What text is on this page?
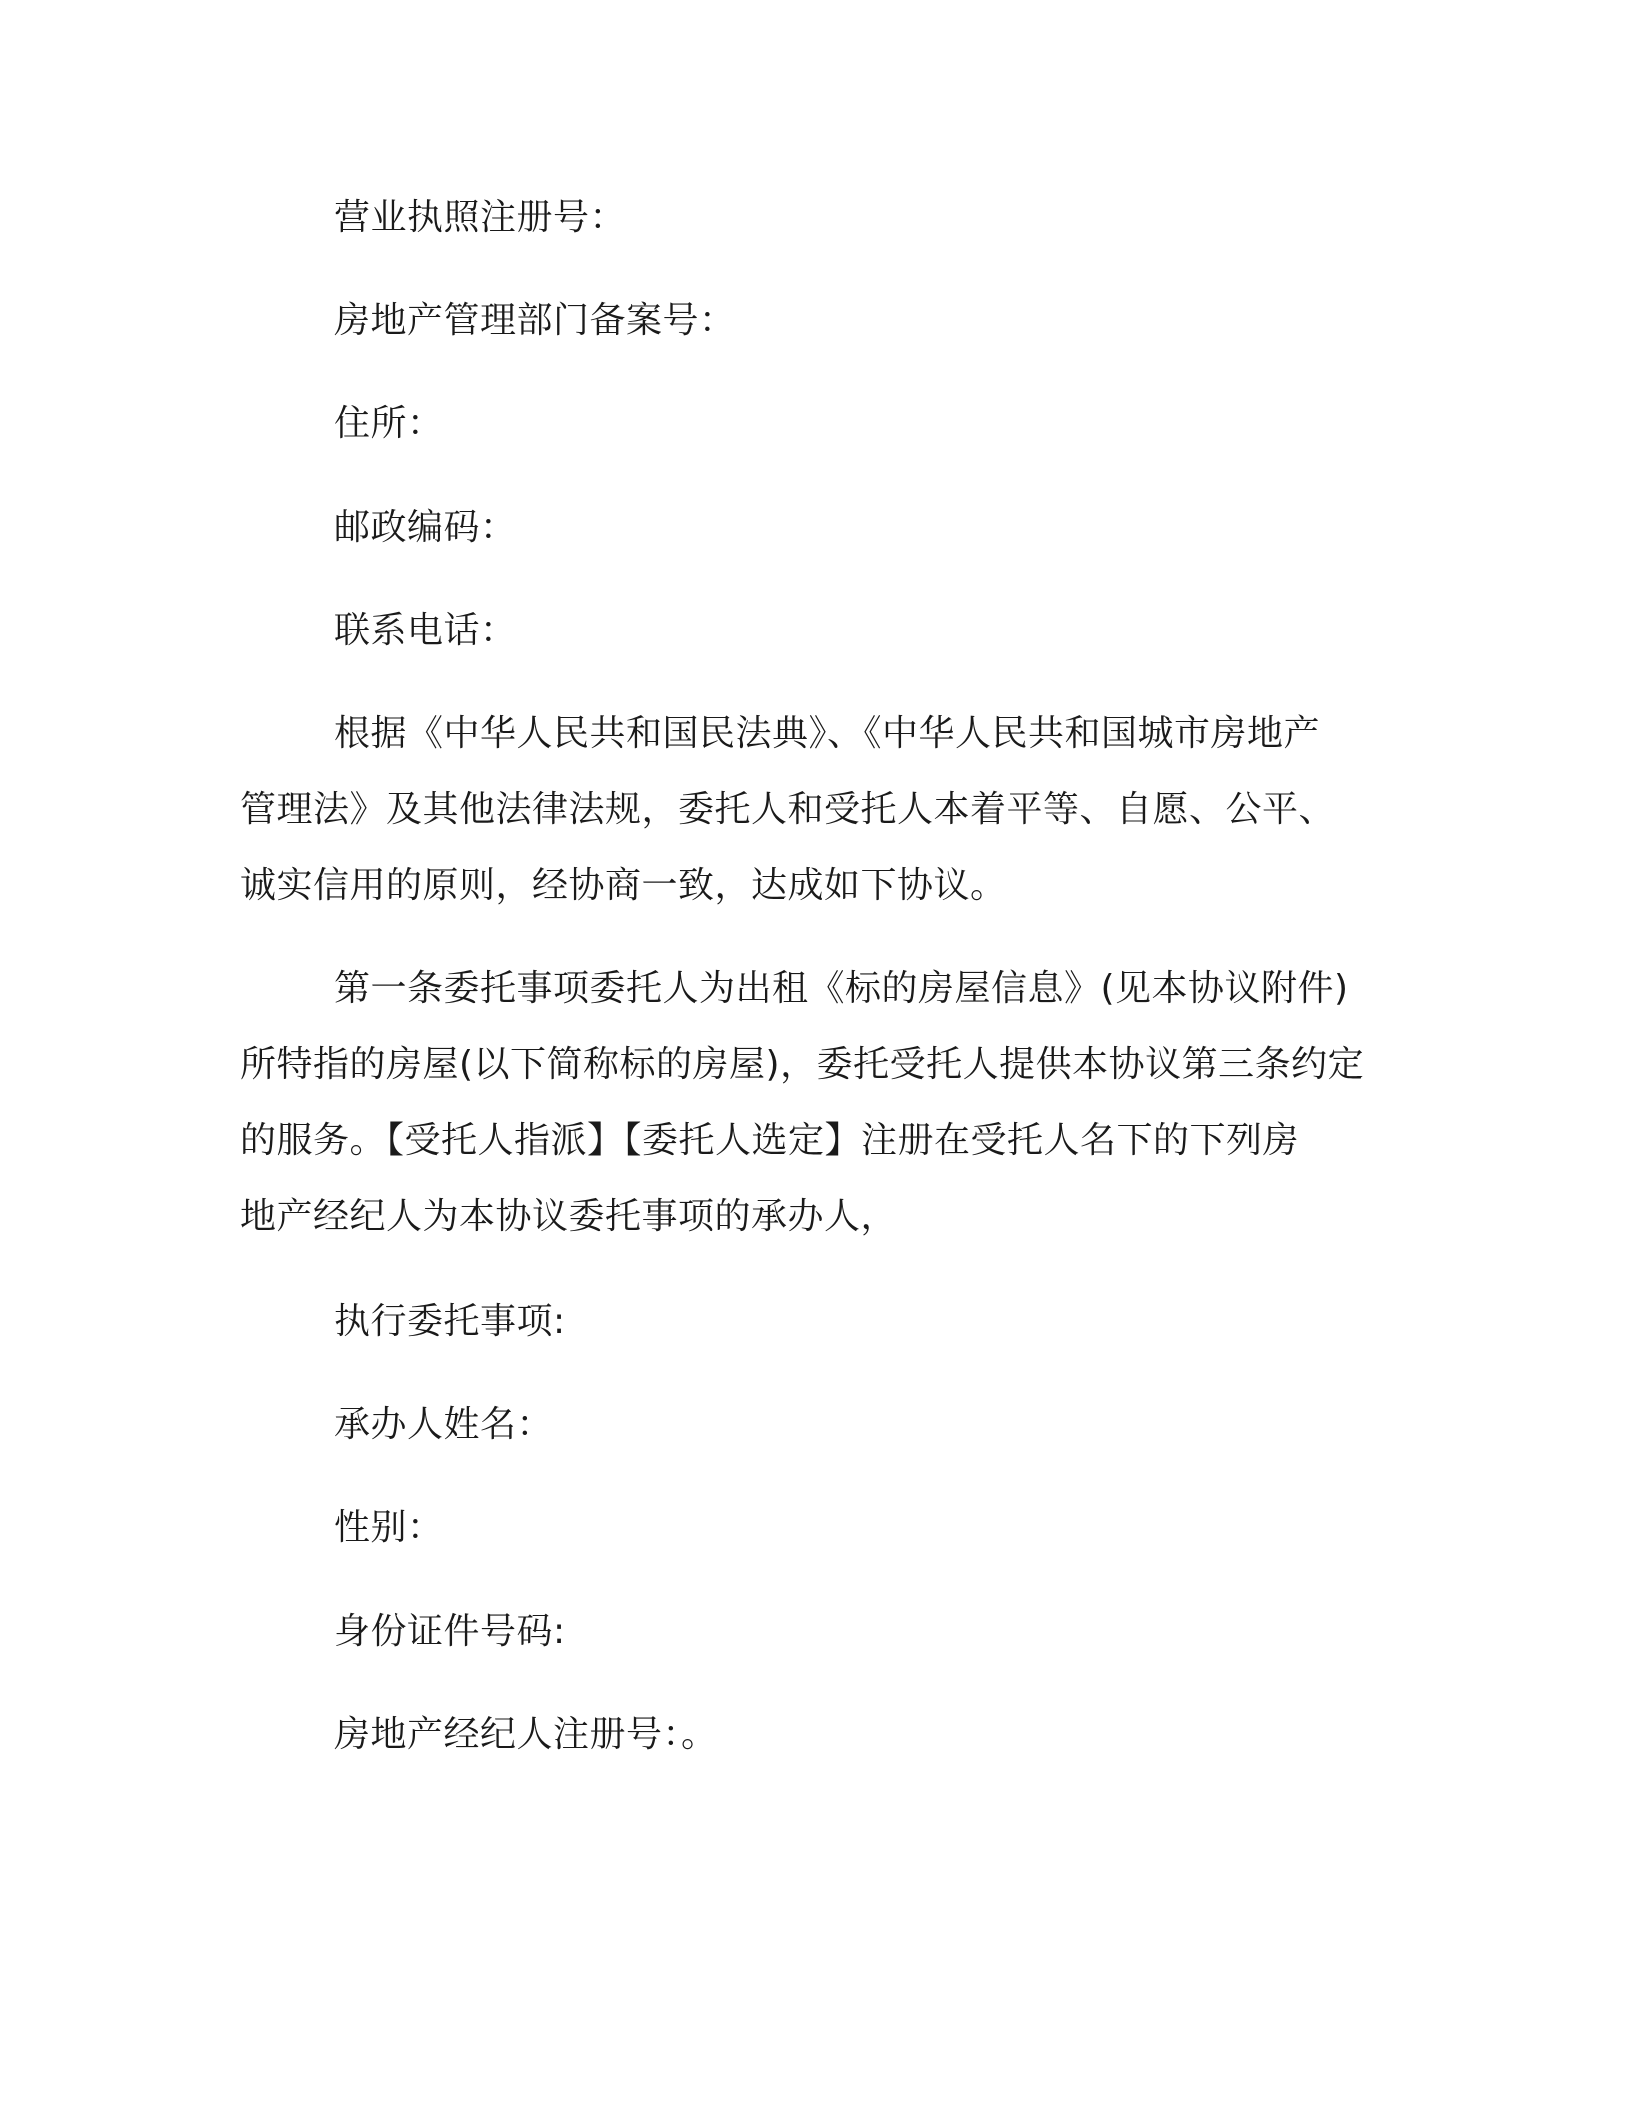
营业执照注册号：
房地产管理部门备案号：
住所：
邮政编码：
联系电话：
根据《中华人民共和国民法典》、《中华人民共和国城市房地产
管理法》及其他法律法规，委托人和受托人本着平等、自愿、公平、
诚实信用的原则，经协商一致，达成如下协议。
第一条委托事项委托人为出租《标的房屋信息》(见本协议附件)
所特指的房屋(以下简称标的房屋)，委托受托人提供本协议第三条约定
的服务。【受托人指派】【委托人选定】注册在受托人名下的下列房
地产经纪人为本协议委托事项的承办人，
执行委托事项:
承办人姓名：
性别：
身份证件号码:
房地产经纪人注册号：。
